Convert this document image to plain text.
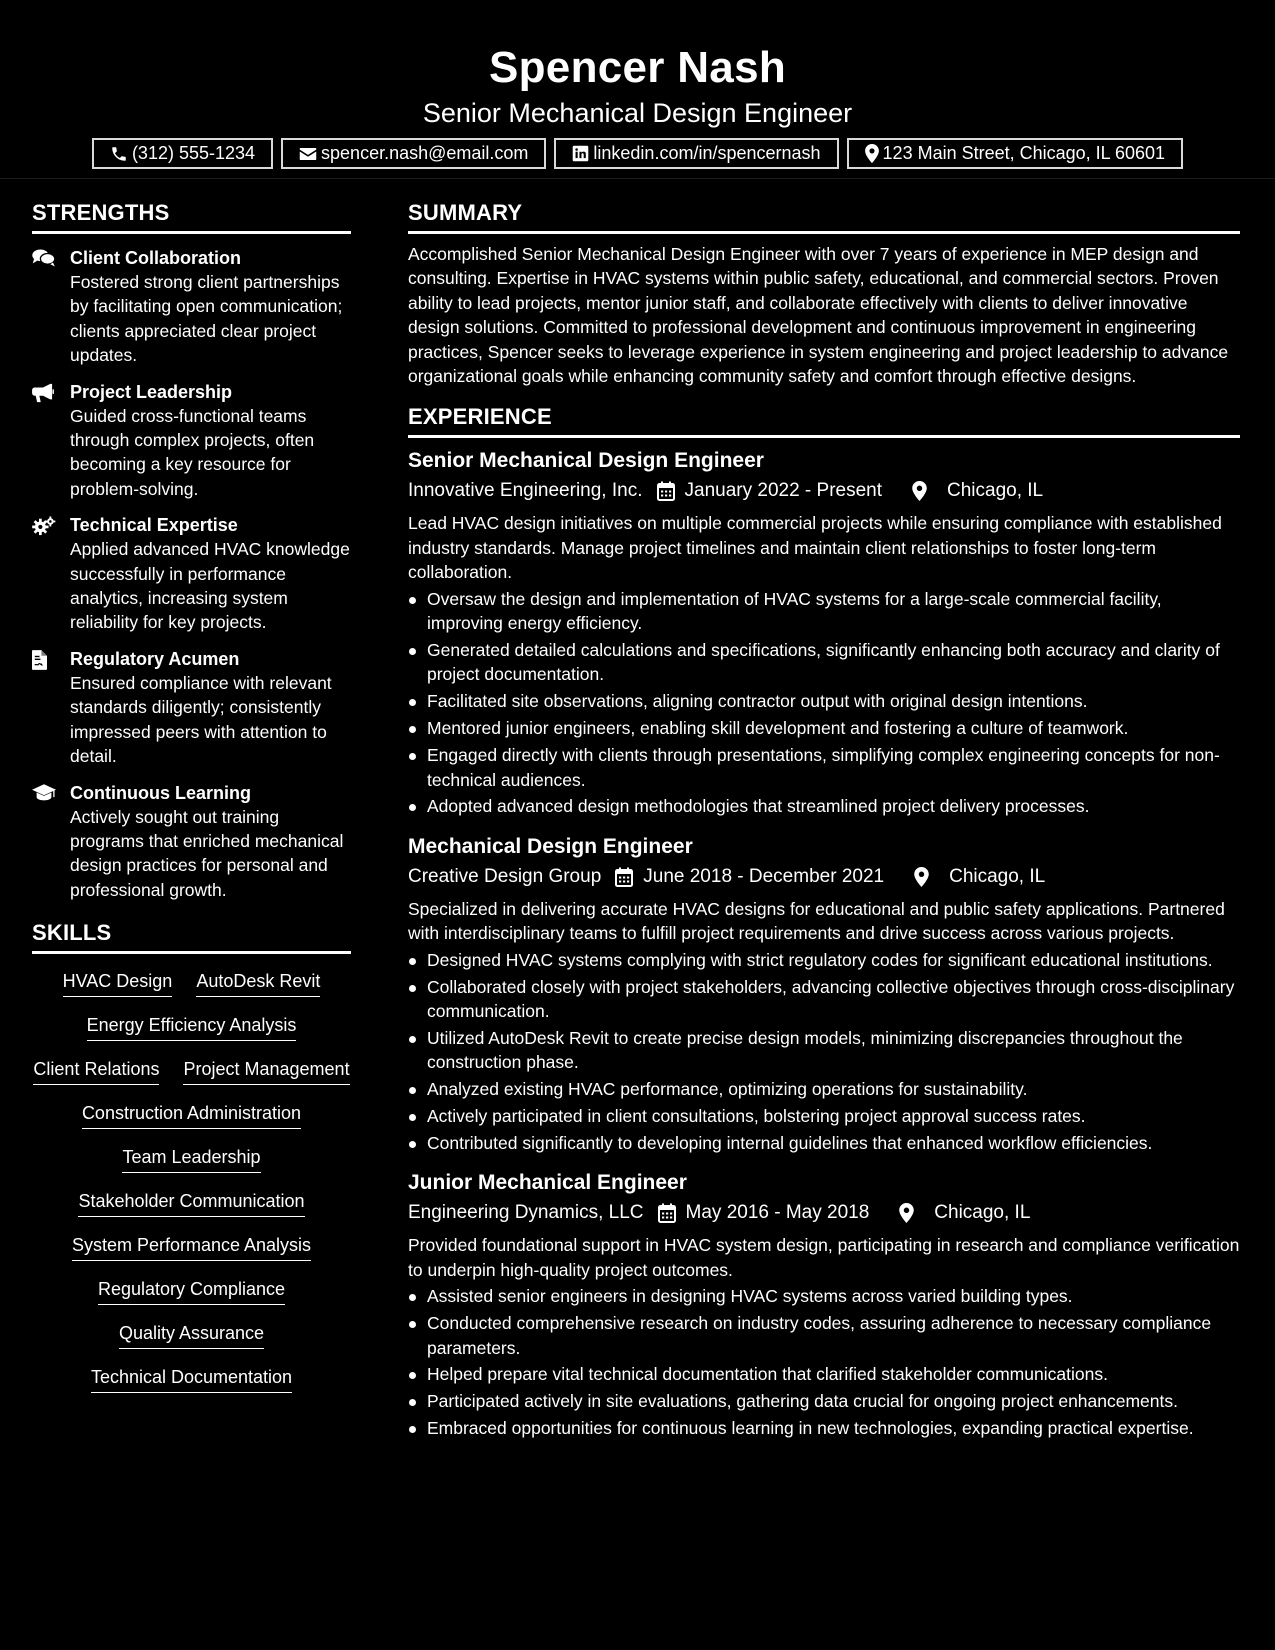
Spencer Nash
Senior Mechanical Design Engineer
(312) 555-1234	spencer.nash@email.com	linkedin.com/in/spencernash	123 Main Street, Chicago, IL 60601
STRENGTHS
Client Collaboration
Fostered strong client partnerships by facilitating open communication; clients appreciated clear project updates.
Project Leadership
Guided cross-functional teams through complex projects, often becoming a key resource for problem-solving.
Technical Expertise
Applied advanced HVAC knowledge successfully in performance analytics, increasing system reliability for key projects.
Regulatory Acumen
Ensured compliance with relevant standards diligently; consistently impressed peers with attention to detail.
Continuous Learning
Actively sought out training programs that enriched mechanical design practices for personal and professional growth.
SKILLS
HVAC Design AutoDesk Revit
Energy Efficiency Analysis
Client Relations Project Management
Construction Administration
Team Leadership
Stakeholder Communication
System Performance Analysis
Regulatory Compliance
Quality Assurance
Technical Documentation
SUMMARY
Accomplished Senior Mechanical Design Engineer with over 7 years of experience in MEP design and consulting. Expertise in HVAC systems within public safety, educational, and commercial sectors. Proven ability to lead projects, mentor junior staff, and collaborate effectively with clients to deliver innovative design solutions. Committed to professional development and continuous improvement in engineering practices, Spencer seeks to leverage experience in system engineering and project leadership to advance organizational goals while enhancing community safety and comfort through effective designs.
EXPERIENCE
Senior Mechanical Design Engineer
Innovative Engineering, Inc. January 2022 - Present	Chicago, IL
Lead HVAC design initiatives on multiple commercial projects while ensuring compliance with established industry standards. Manage project timelines and maintain client relationships to foster long-term collaboration.
Oversaw the design and implementation of HVAC systems for a large-scale commercial facility, improving energy efficiency.
Generated detailed calculations and specifications, significantly enhancing both accuracy and clarity of project documentation.
Facilitated site observations, aligning contractor output with original design intentions.
Mentored junior engineers, enabling skill development and fostering a culture of teamwork.
Engaged directly with clients through presentations, simplifying complex engineering concepts for non-technical audiences.
Adopted advanced design methodologies that streamlined project delivery processes.
Mechanical Design Engineer
Creative Design Group June 2018 - December 2021	Chicago, IL
Specialized in delivering accurate HVAC designs for educational and public safety applications. Partnered with interdisciplinary teams to fulfill project requirements and drive success across various projects.
Designed HVAC systems complying with strict regulatory codes for significant educational institutions.
Collaborated closely with project stakeholders, advancing collective objectives through cross-disciplinary communication.
Utilized AutoDesk Revit to create precise design models, minimizing discrepancies throughout the construction phase.
Analyzed existing HVAC performance, optimizing operations for sustainability.
Actively participated in client consultations, bolstering project approval success rates.
Contributed significantly to developing internal guidelines that enhanced workflow efficiencies.
Junior Mechanical Engineer
Engineering Dynamics, LLC May 2016 - May 2018	Chicago, IL
Provided foundational support in HVAC system design, participating in research and compliance verification to underpin high-quality project outcomes.
Assisted senior engineers in designing HVAC systems across varied building types.
Conducted comprehensive research on industry codes, assuring adherence to necessary compliance parameters.
Helped prepare vital technical documentation that clarified stakeholder communications.
Participated actively in site evaluations, gathering data crucial for ongoing project enhancements.
Embraced opportunities for continuous learning in new technologies, expanding practical expertise.
